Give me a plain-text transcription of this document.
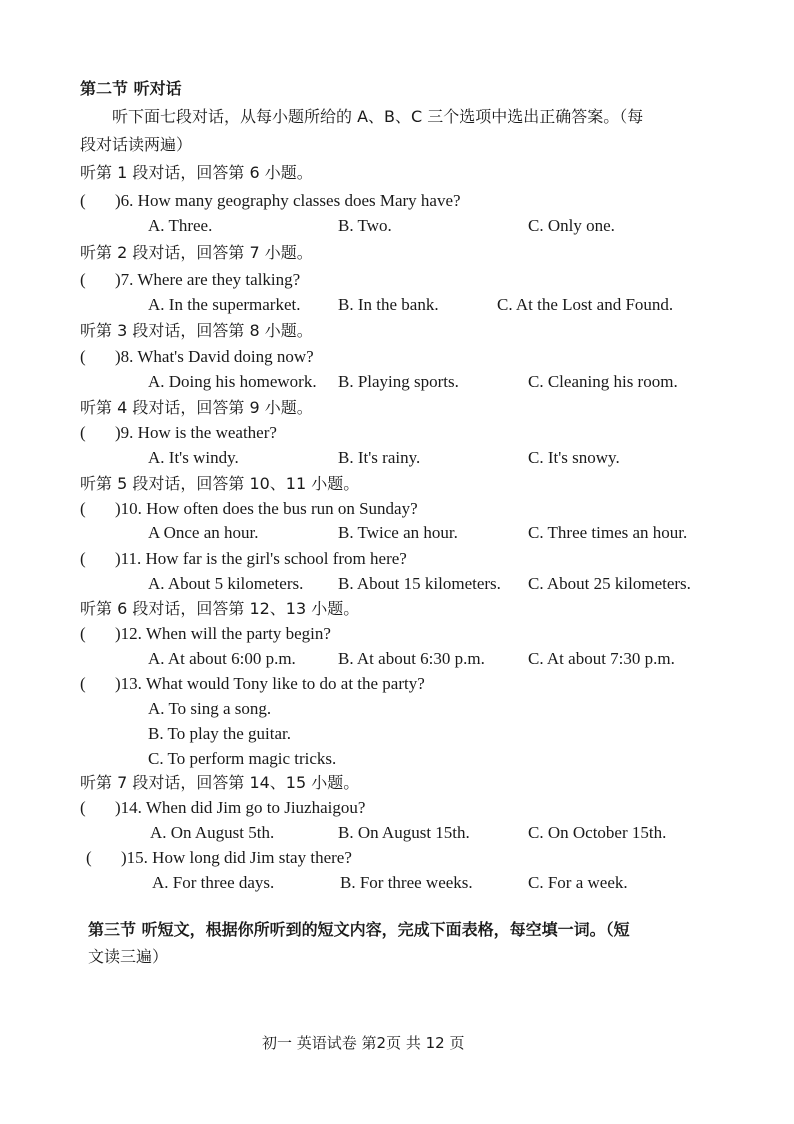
第二节 听对话
听下面七段对话，从每小题所给的 A、B、C 三个选项中选出正确答案。（每
段对话读两遍）
听第 1 段对话，回答第 6 小题。
( )6. How many geography classes does Mary have?
A. Three.	B. Two.	C. Only one.
听第 2 段对话，回答第 7 小题。
( )7. Where are they talking?
A. In the supermarket. B. In the bank.	C. At the Lost and Found.
听第 3 段对话，回答第 8 小题。
( )8. What's David doing now?
A. Doing his homework. B. Playing sports.	C. Cleaning his room.
听第 4 段对话，回答第 9 小题。
( )9. How is the weather?
A. It's windy.	B. It's rainy.	C. It's snowy.
听第 5 段对话，回答第 10、11 小题。
( )10. How often does the bus run on Sunday?
A Once an hour.	B. Twice an hour.	C. Three times an hour.
( )11. How far is the girl's school from here?
A. About 5 kilometers. B. About 15 kilometers. C. About 25 kilometers.
听第 6 段对话，回答第 12、13 小题。
( )12. When will the party begin?
A. At about 6:00 p.m. B. At about 6:30 p.m.	C. At about 7:30 p.m.
( )13. What would Tony like to do at the party?
A. To sing a song.
B. To play the guitar.
C. To perform magic tricks.
听第 7 段对话，回答第 14、15 小题。
( )14. When did Jim go to Jiuzhaigou?
A. On August 5th.	B. On August 15th.	C. On October 15th.
( )15. How long did Jim stay there?
A. For three days.	B. For three weeks.	C. For a week.
第三节 听短文，根据你所听到的短文内容，完成下面表格，每空填一词。（短
文读三遍）
初一 英语试卷 第2页 共 12 页
